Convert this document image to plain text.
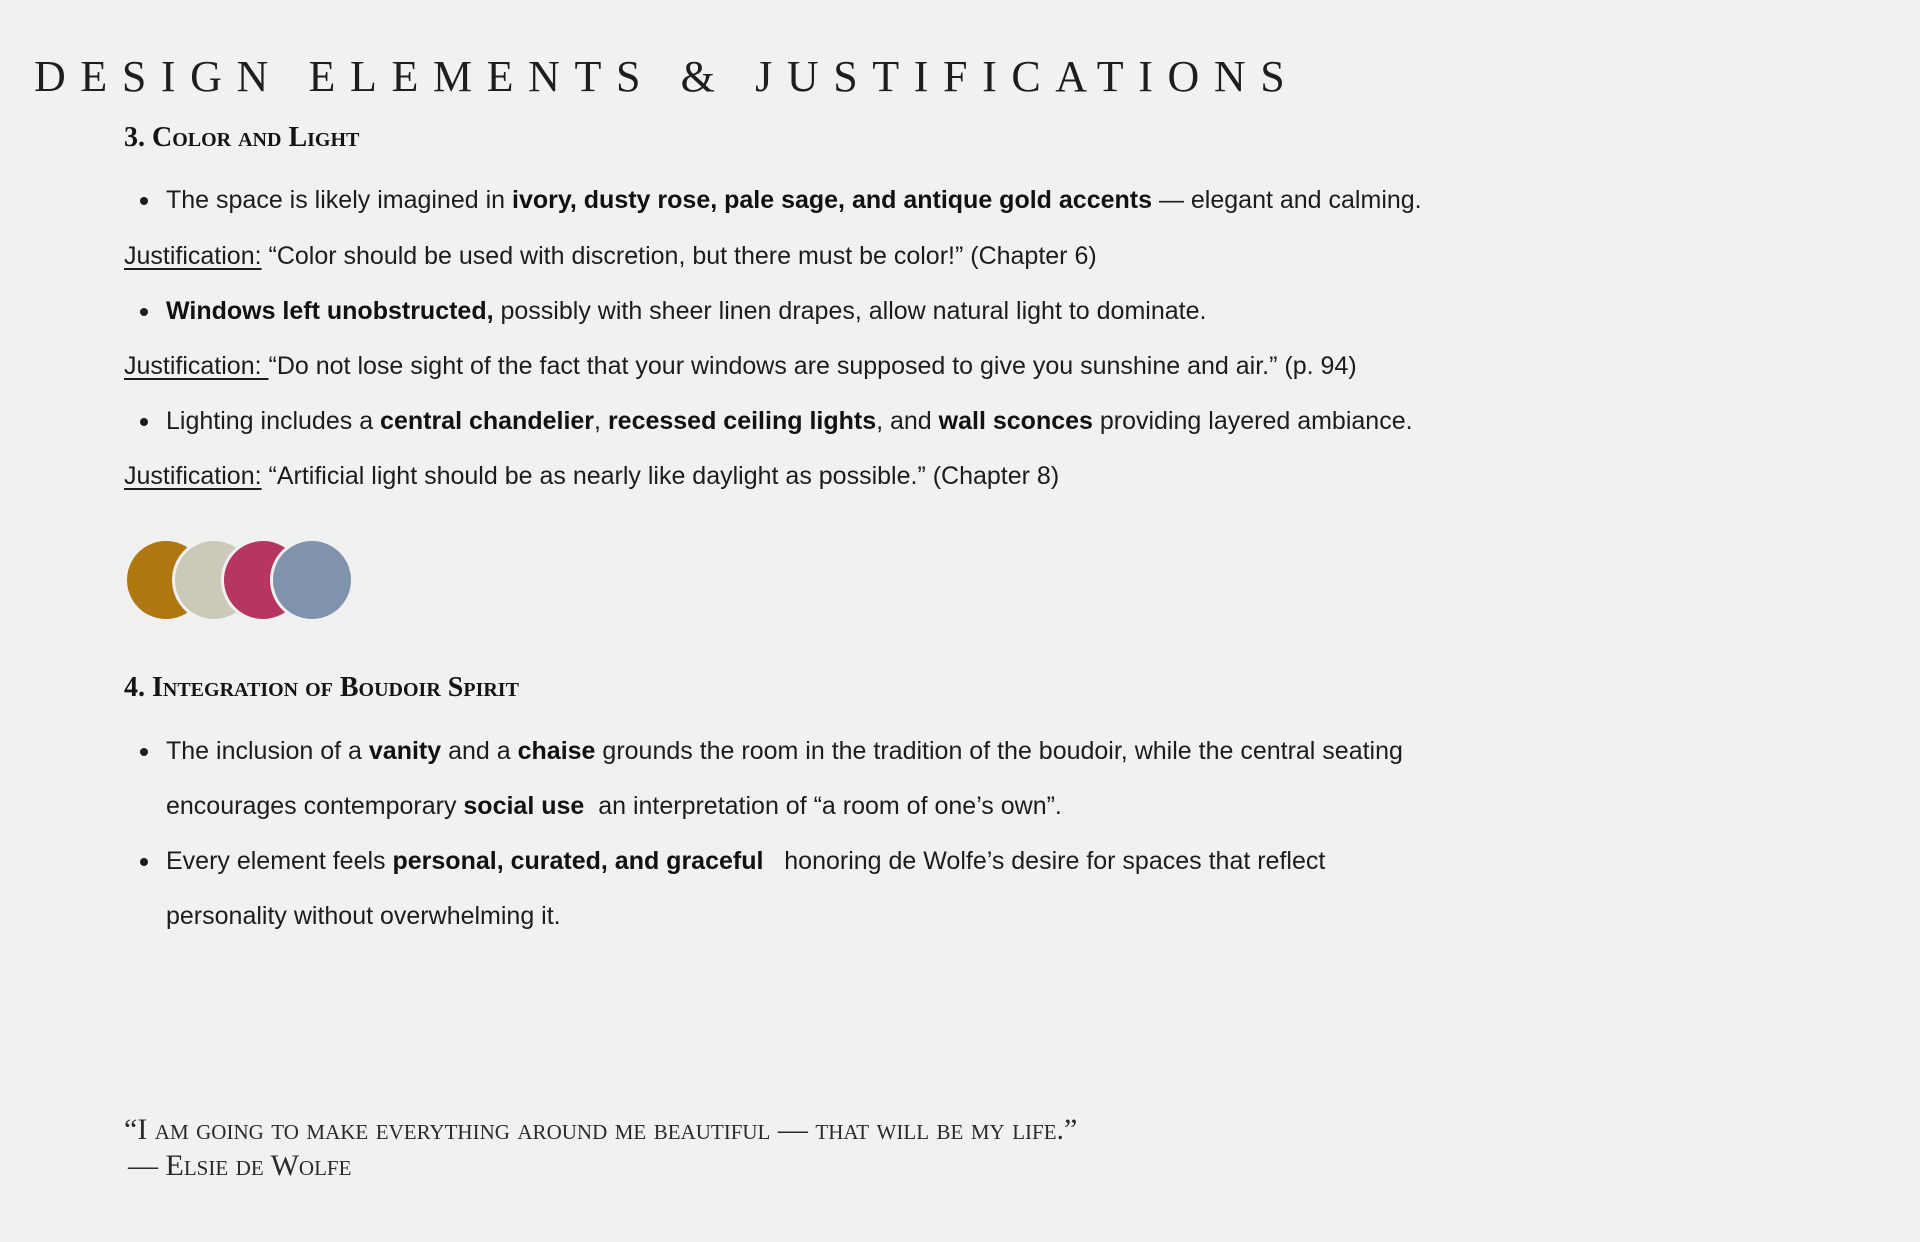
DESIGN ELEMENTS & JUSTIFICATIONS
3. Color and Light
The space is likely imagined in ivory, dusty rose, pale sage, and antique gold accents — elegant and calming.
Justification: “Color should be used with discretion, but there must be color!” (Chapter 6)
Windows left unobstructed, possibly with sheer linen drapes, allow natural light to dominate.
Justification: “Do not lose sight of the fact that your windows are supposed to give you sunshine and air.” (p. 94)
Lighting includes a central chandelier, recessed ceiling lights, and wall sconces providing layered ambiance.
Justification: “Artificial light should be as nearly like daylight as possible.” (Chapter 8)
4. Integration of Boudoir Spirit
The inclusion of a vanity and a chaise grounds the room in the tradition of the boudoir, while the central seating
encourages contemporary social use  an interpretation of “a room of one’s own”.
Every element feels personal, curated, and graceful   honoring de Wolfe’s desire for spaces that reflect
personality without overwhelming it.

“I am going to make everything around me beautiful — that will be my life.”

— Elsie de Wolfe
